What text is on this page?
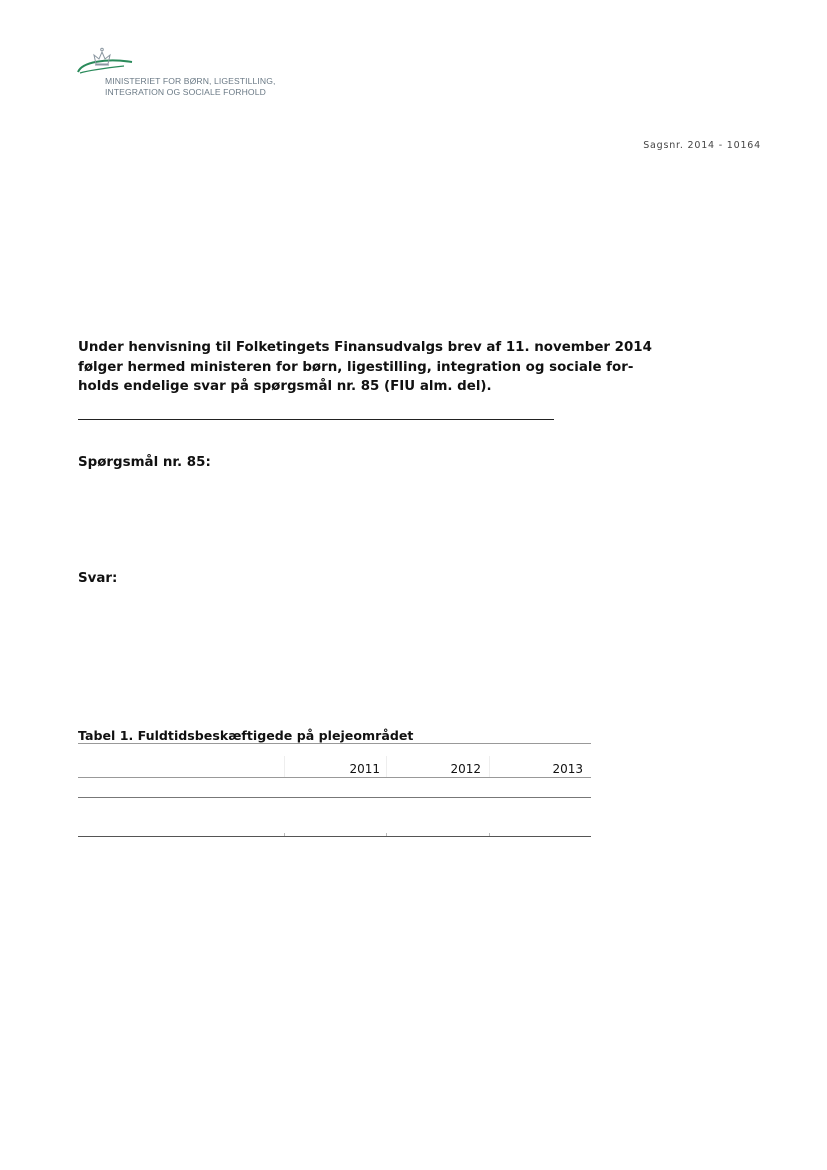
MINISTERIET FOR BØRN, LIGESTILLING,
INTEGRATION OG SOCIALE FORHOLD
Sagsnr. 2014 - 10164
Under henvisning til Folketingets Finansudvalgs brev af 11. november 2014
følger hermed ministeren for børn, ligestilling, integration og sociale for-
holds endelige svar på spørgsmål nr. 85 (FIU alm. del).
Spørgsmål nr. 85:
Svar:
Tabel 1. Fuldtidsbeskæftigede på plejeområdet
2011	2012	2013
